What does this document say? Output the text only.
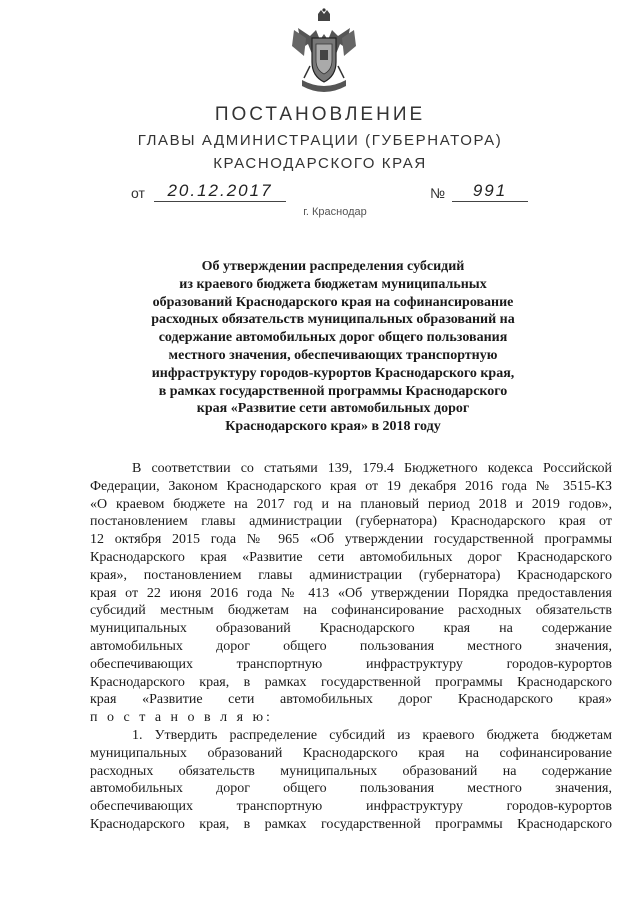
ПОСТАНОВЛЕНИЕ
ГЛАВЫ АДМИНИСТРАЦИИ (ГУБЕРНАТОРА)
КРАСНОДАРСКОГО КРАЯ
от	20.12.2017	№	991
г. Краснодар
Об утверждении распределения субсидий
из краевого бюджета бюджетам муниципальных
образований Краснодарского края на софинансирование
расходных обязательств муниципальных образований на
содержание автомобильных дорог общего пользования
местного значения, обеспечивающих транспортную
инфраструктуру городов-курортов Краснодарского края,
в рамках государственной программы Краснодарского
края «Развитие сети автомобильных дорог
Краснодарского края» в 2018 году
В соответствии со статьями 139, 179.4 Бюджетного кодекса Российской
Федерации, Законом Краснодарского края от 19 декабря 2016 года № 3515-КЗ
«О краевом бюджете на 2017 год и на плановый период 2018 и 2019 годов»,
постановлением главы администрации (губернатора) Краснодарского края от
12 октября 2015 года № 965 «Об утверждении государственной программы
Краснодарского края «Развитие сети автомобильных дорог Краснодарского
края», постановлением главы администрации (губернатора) Краснодарского
края от 22 июня 2016 года № 413 «Об утверждении Порядка предоставления
субсидий местным бюджетам на софинансирование расходных обязательств
муниципальных образований Краснодарского края на содержание
автомобильных дорог общего пользования местного значения,
обеспечивающих транспортную инфраструктуру городов-курортов
Краснодарского края, в рамках государственной программы Краснодарского
края «Развитие сети автомобильных дорог Краснодарского края»
п о с т а н о в л я ю:
1. Утвердить распределение субсидий из краевого бюджета бюджетам
муниципальных образований Краснодарского края на софинансирование
расходных обязательств муниципальных образований на содержание
автомобильных дорог общего пользования местного значения,
обеспечивающих транспортную инфраструктуру городов-курортов
Краснодарского края, в рамках государственной программы Краснодарского
